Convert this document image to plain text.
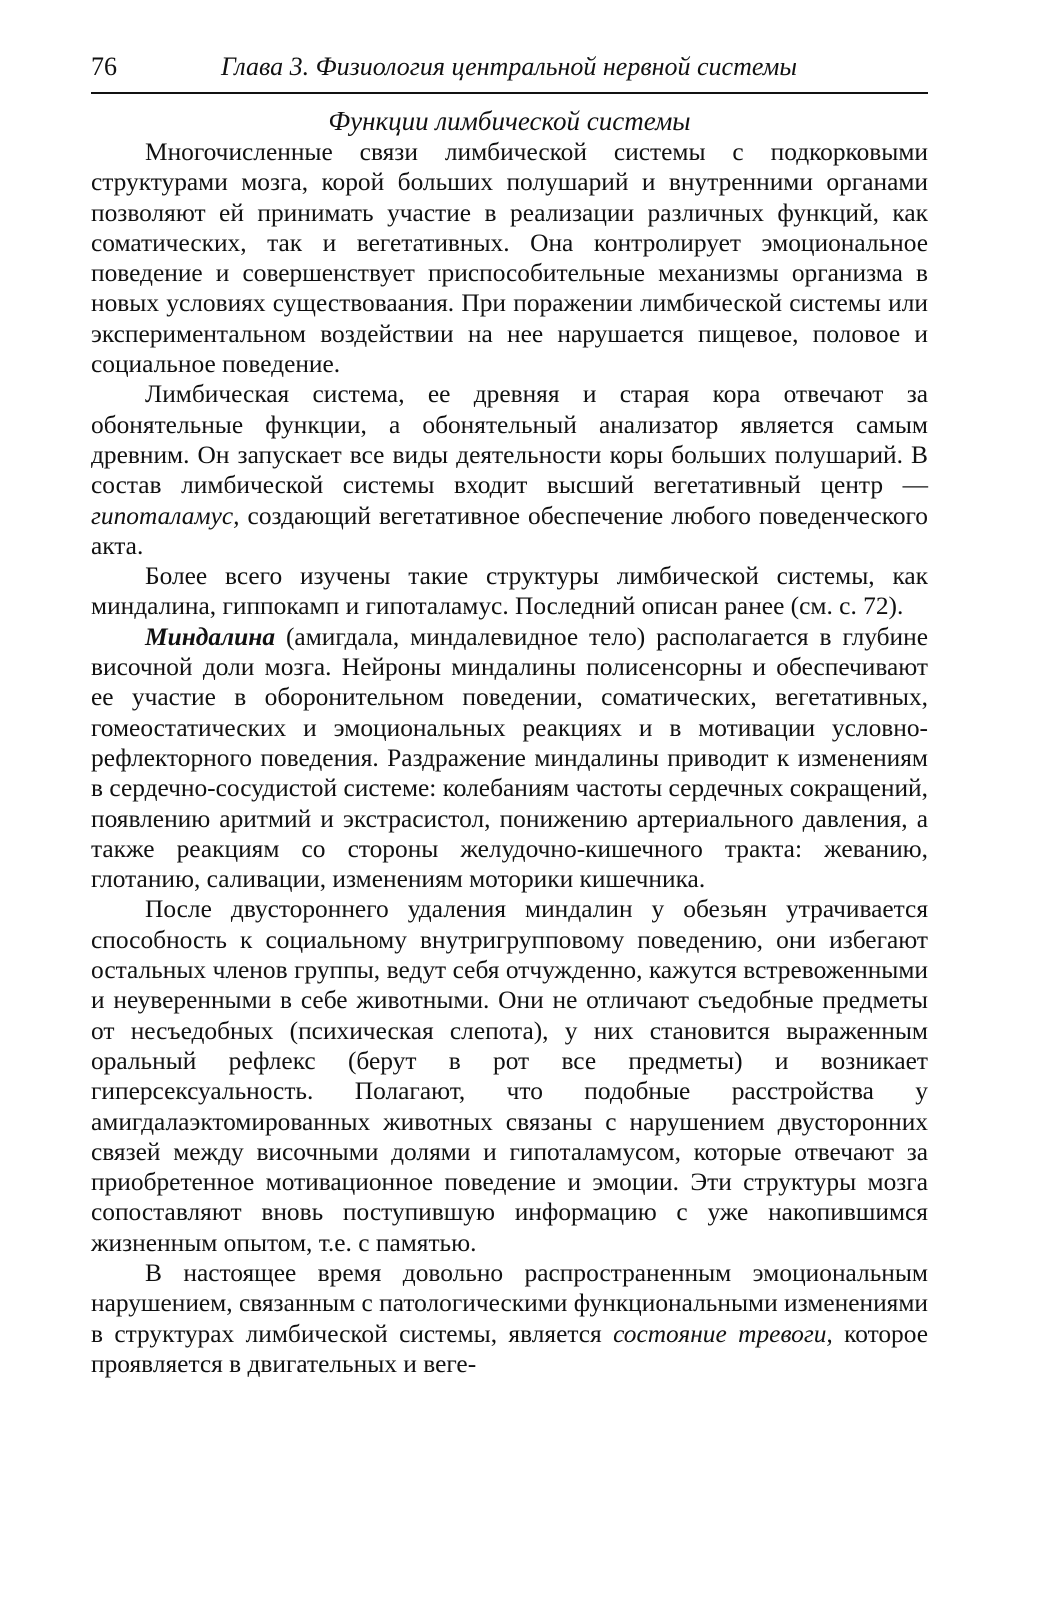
76	Глава 3. Физиология центральной нервной системы
Функции лимбической системы

Многочисленные связи лимбической системы с подкорковыми структурами мозга, корой больших полушарий и внутренними органами позволяют ей принимать участие в реализации различных функций, как соматических, так и вегетативных. Она контролирует эмоциональное поведение и совершенствует приспособительные механизмы организма в новых условиях существоваания. При поражении лимбической системы или экспериментальном воздействии на нее нарушается пищевое, половое и социальное поведение.

Лимбическая система, ее древняя и старая кора отвечают за обонятельные функции, а обонятельный анализатор является самым древним. Он запускает все виды деятельности коры больших полушарий. В состав лимбической системы входит высший вегетативный центр — гипоталамус, создающий вегетативное обеспечение любого поведенческого акта.

Более всего изучены такие структуры лимбической системы, как миндалина, гиппокамп и гипоталамус. Последний описан ранее (см. с. 72).

Миндалина (амигдала, миндалевидное тело) располагается в глубине височной доли мозга. Нейроны миндалины полисенсорны и обеспечивают ее участие в оборонительном поведении, соматических, вегетативных, гомеостатических и эмоциональных реакциях и в мотивации условно-рефлекторного поведения. Раздражение миндалины приводит к изменениям в сердечно-сосудистой системе: колебаниям частоты сердечных сокращений, появлению аритмий и экстрасистол, понижению артериального давления, а также реакциям со стороны желудочно-кишечного тракта: жеванию, глотанию, саливации, изменениям моторики кишечника.

После двустороннего удаления миндалин у обезьян утрачивается способность к социальному внутригрупповому поведению, они избегают остальных членов группы, ведут себя отчужденно, кажутся встревоженными и неуверенными в себе животными. Они не отличают съедобные предметы от несъедобных (психическая слепота), у них становится выраженным оральный рефлекс (берут в рот все предметы) и возникает гиперсексуальность. Полагают, что подобные расстройства у амигдалаэктомированных животных связаны с нарушением двусторонних связей между височными долями и гипоталамусом, которые отвечают за приобретенное мотивационное поведение и эмоции. Эти структуры мозга сопоставляют вновь поступившую информацию с уже накопившимся жизненным опытом, т.е. с памятью.

В настоящее время довольно распространенным эмоциональным нарушением, связанным с патологическими функциональными изменениями в структурах лимбической системы, является состояние тревоги, которое проявляется в двигательных и веге-
